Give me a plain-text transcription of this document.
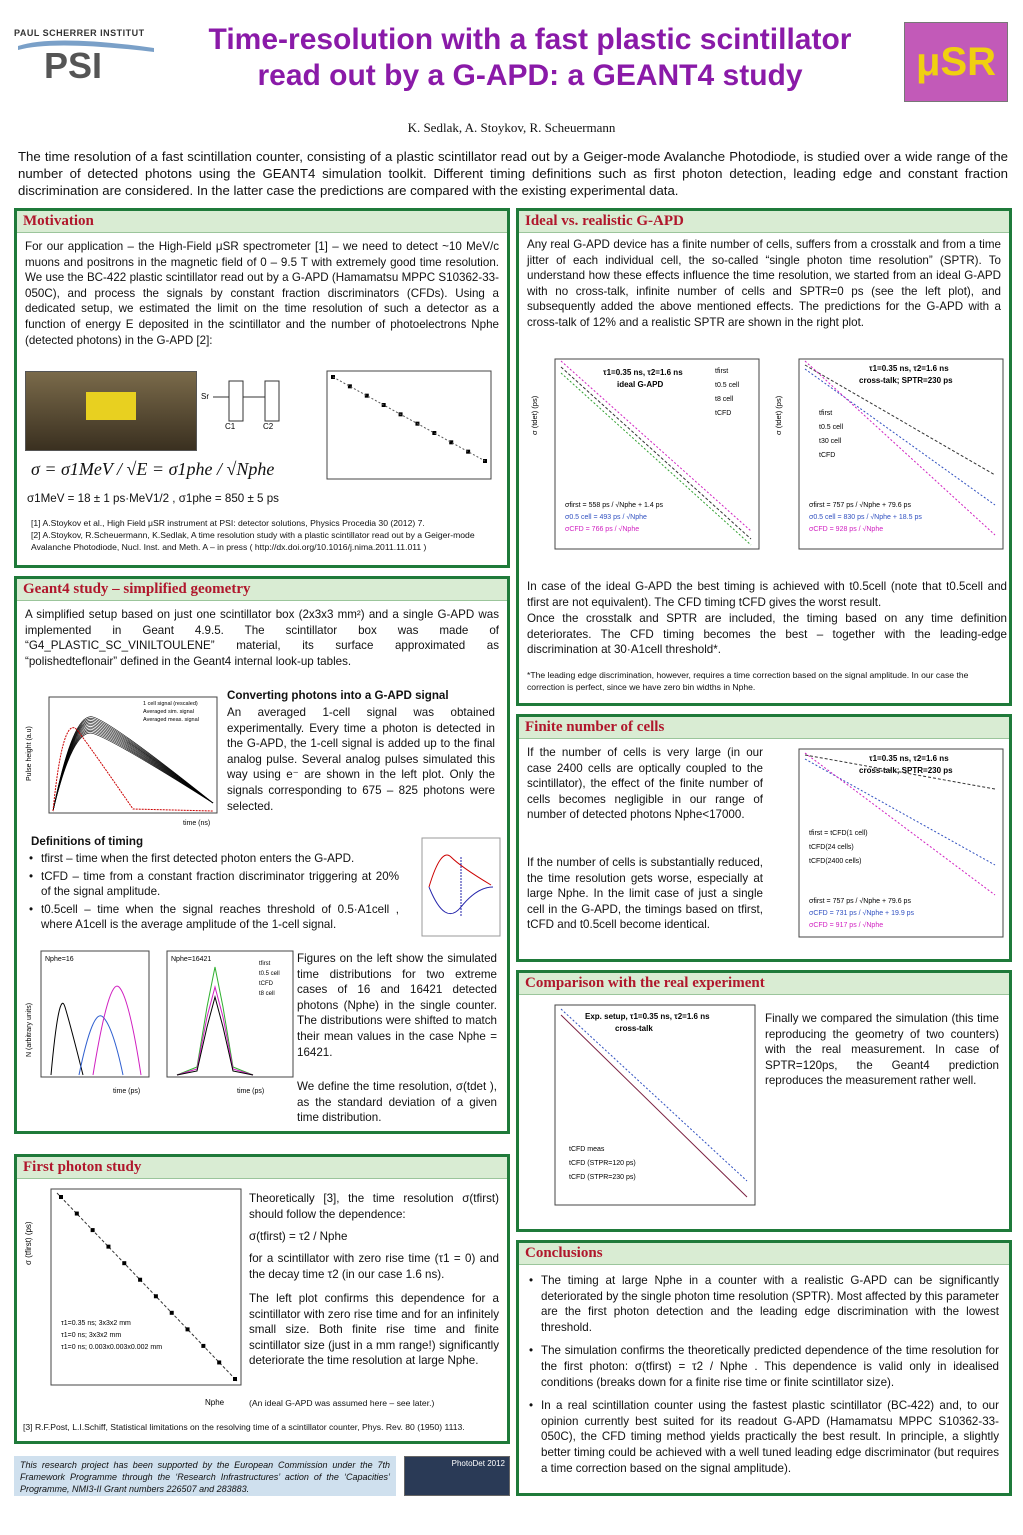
PAUL SCHERRER INSTITUT
PSI
Time-resolution with a fast plastic scintillator
read out by a G-APD: a GEANT4 study	μSR
K. Sedlak, A. Stoykov, R. Scheuermann
The time resolution of a fast scintillation counter, consisting of a plastic scintillator read out by a Geiger-mode Avalanche Photodiode, is studied over a wide range of the number of detected photons using the GEANT4 simulation toolkit. Different timing definitions such as first photon detection, leading edge and constant fraction discrimination are considered. In the latter case the predictions are compared with the existing experimental data.
Motivation
For our application – the High-Field μSR spectrometer [1] – we need to detect ~10 MeV/c muons and positrons in the magnetic field of 0 – 9.5 T with extremely good time resolution. We use the BC-422 plastic scintillator read out by a G-APD (Hamamatsu MPPC S10362-33-050C), and process the signals by constant fraction discriminators (CFDs). Using a dedicated setup, we estimated the limit on the time resolution of such a detector as a function of energy E deposited in the scintillator and the number of photoelectrons Nphe (detected photons) in the G-APD [2]:
Sr
C1	C2
σ = σ1MeV / √E = σ1phe / √Nphe
σ1MeV = 18 ± 1 ps·MeV1/2 , σ1phe = 850 ± 5 ps
[1] A.Stoykov et al., High Field μSR instrument at PSI: detector solutions, Physics Procedia 30 (2012) 7.
[2] A.Stoykov, R.Scheuermann, K.Sedlak, A time resolution study with a plastic scintillator read out by a Geiger-mode Avalanche Photodiode, Nucl. Inst. and Meth. A – in press ( http://dx.doi.org/10.1016/j.nima.2011.11.011 )
Geant4 study – simplified geometry
A simplified setup based on just one scintillator box (2x3x3 mm²) and a single G-APD was implemented in Geant 4.9.5. The scintillator box was made of “G4_PLASTIC_SC_VINILTOULENE” material, its surface approximated as “polishedteflonair” defined in the Geant4 internal look-up tables.
Pulse height (a.u)
time (ns)
1 cell signal (rescaled)
Averaged sim. signal
Averaged meas. signal
Converting photons into a G-APD signal
An averaged 1-cell signal was obtained experimentally. Every time a photon is detected in the G-APD, the 1-cell signal is added up to the final analog pulse. Several analog pulses simulated this way using e⁻ are shown in the left plot. Only the signals corresponding to 675 – 825 photons were selected.
Definitions of timing
• tfirst – time when the first detected photon enters the G-APD.
• tCFD – time from a constant fraction discriminator triggering at 20% of the signal amplitude.
• t0.5cell – time when the signal reaches threshold of 0.5·A1cell , where A1cell is the average amplitude of the 1-cell signal.
Nphe=16
N (arbitrary units)
time (ps)
Nphe=16421
tfirst
t0.5 cell
tCFD
t8 cell
time (ps)
Figures on the left show the simulated time distributions for two extreme cases of 16 and 16421 detected photons (Nphe) in the single counter. The distributions were shifted to match their mean values in the case Nphe = 16421.
We define the time resolution, σ(tdet ), as the standard deviation of a given time distribution.
First photon study
σ (tfirst) (ps)
Nphe
τ1=0.35 ns; 3x3x2 mm
τ1=0 ns; 3x3x2 mm
τ1=0 ns; 0.003x0.003x0.002 mm
Theoretically [3], the time resolution σ(tfirst) should follow the dependence:
σ(tfirst) = τ2 / Nphe
for a scintillator with zero rise time (τ1 = 0) and the decay time τ2 (in our case 1.6 ns).
The left plot confirms this dependence for a scintillator with zero rise time and for an infinitely small size. Both finite rise time and finite scintillator size (just in a mm range!) significantly deteriorate the time resolution at large Nphe.
(An ideal G-APD was assumed here – see later.)
[3] R.F.Post, L.I.Schiff, Statistical limitations on the resolving time of a scintillator counter, Phys. Rev. 80 (1950) 1113.
Ideal vs. realistic G-APD
Any real G-APD device has a finite number of cells, suffers from a crosstalk and from a time jitter of each individual cell, the so-called “single photon time resolution” (SPTR). To understand how these effects influence the time resolution, we started from an ideal G-APD with no cross-talk, infinite number of cells and SPTR=0 ps (see the left plot), and subsequently added the above mentioned effects. The predictions for the G-APD with a cross-talk of 12% and a realistic SPTR are shown in the right plot.
σ (tdet) (ps)
τ1=0.35 ns, τ2=1.6 ns
ideal G-APD
tfirst
t0.5 cell
t8 cell
tCFD
σfirst = 558 ps / √Nphe + 1.4 ps
σ0.5 cell = 493 ps / √Nphe
σCFD = 766 ps / √Nphe
σ (tdet) (ps)
τ1=0.35 ns, τ2=1.6 ns
cross-talk; SPTR=230 ps
tfirst
t0.5 cell
t30 cell
tCFD
σfirst = 757 ps / √Nphe + 79.6 ps
σ0.5 cell = 830 ps / √Nphe + 18.5 ps
σCFD = 928 ps / √Nphe
In case of the ideal G-APD the best timing is achieved with t0.5cell (note that t0.5cell and tfirst are not equivalent). The CFD timing tCFD gives the worst result.
Once the crosstalk and SPTR are included, the timing based on any time definition deteriorates. The CFD timing becomes the best – together with the leading-edge discrimination at 30·A1cell threshold*.
*The leading edge discrimination, however, requires a time correction based on the signal amplitude. In our case the correction is perfect, since we have zero bin widths in Nphe.
Finite number of cells
If the number of cells is very large (in our case 2400 cells are optically coupled to the scintillator), the effect of the finite number of cells becomes negligible in our range of number of detected photons Nphe<17000.
If the number of cells is substantially reduced, the time resolution gets worse, especially at large Nphe. In the limit case of just a single cell in the G-APD, the timings based on tfirst, tCFD and t0.5cell become identical.
τ1=0.35 ns, τ2=1.6 ns
cross-talk; SPTR=230 ps
tfirst = tCFD(1 cell)
tCFD(24 cells)
tCFD(2400 cells)
σfirst = 757 ps / √Nphe + 79.6 ps
σCFD = 731 ps / √Nphe + 19.9 ps
σCFD = 917 ps / √Nphe
Comparison with the real experiment
Exp. setup, τ1=0.35 ns, τ2=1.6 ns
cross-talk
tCFD meas
tCFD (STPR=120 ps)
tCFD (STPR=230 ps)
Finally we compared the simulation (this time reproducing the geometry of two counters) with the real measurement. In case of SPTR=120ps, the Geant4 prediction reproduces the measurement rather well.
Conclusions
• The timing at large Nphe in a counter with a realistic G-APD can be significantly deteriorated by the single photon time resolution (SPTR). Most affected by this parameter are the first photon detection and the leading edge discrimination with the lowest threshold.
• The simulation confirms the theoretically predicted dependence of the time resolution for the first photon: σ(tfirst) = τ2 / Nphe . This dependence is valid only in idealised conditions (breaks down for a finite rise time or finite scintillator size).
• In a real scintillation counter using the fastest plastic scintillator (BC-422) and, to our opinion currently best suited for its readout G-APD (Hamamatsu MPPC S10362-33-050C), the CFD timing method yields practically the best result. In principle, a slightly better timing could be achieved with a well tuned leading edge discriminator (but requires a time correction based on the signal amplitude).
This research project has been supported by the European Commission under the 7th Framework Programme through the ‘Research Infrastructures’ action of the ‘Capacities’ Programme, NMI3-II Grant numbers 226507 and 283883.
PhotoDet 2012
